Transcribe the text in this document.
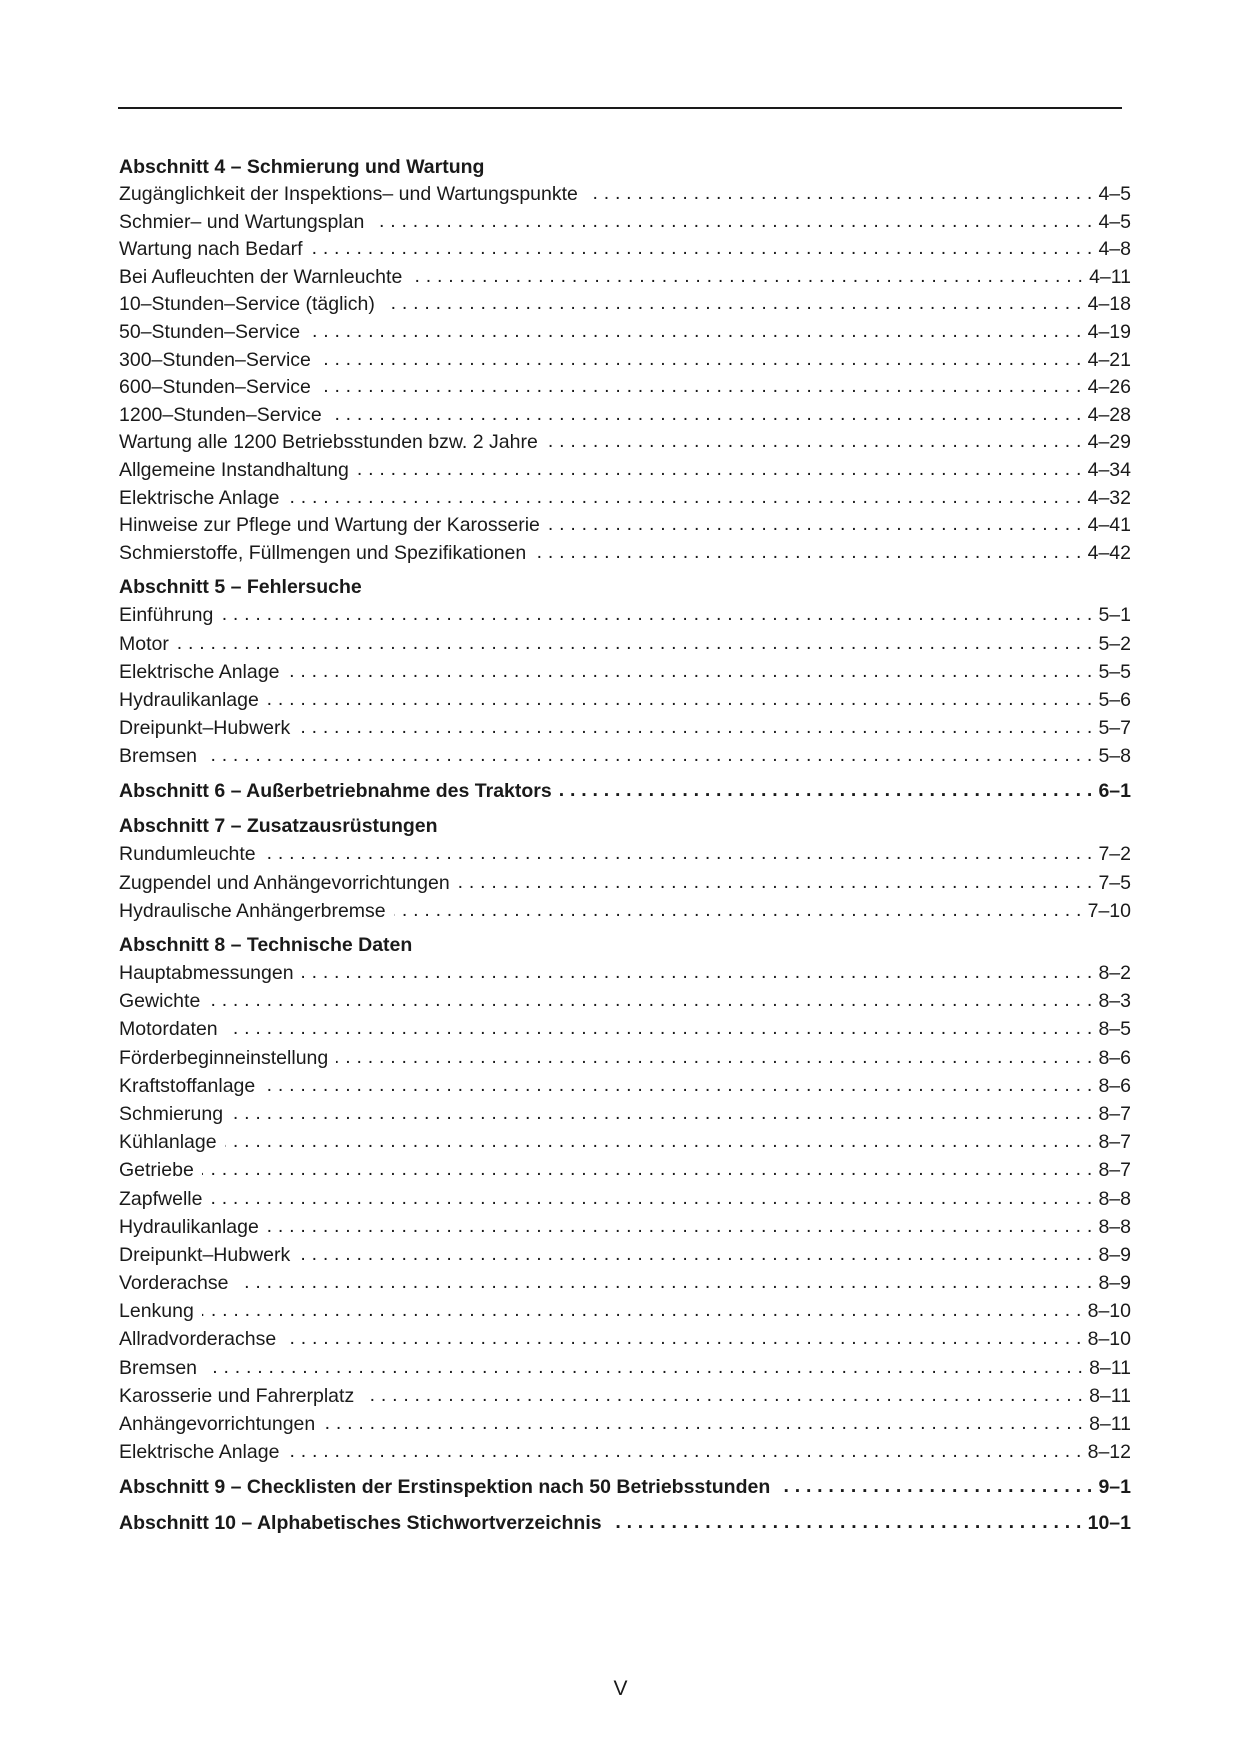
Abschnitt 4 – Schmierung und Wartung
Zugänglichkeit der Inspektions– und Wartungspunkte . . .	4–5
Schmier– und Wartungsplan . . .	4–5
Wartung nach Bedarf . . .	4–8
Bei Aufleuchten der Warnleuchte . . .	4–11
10–Stunden–Service (täglich) . . .	4–18
50–Stunden–Service . . .	4–19
300–Stunden–Service . . .	4–21
600–Stunden–Service . . .	4–26
1200–Stunden–Service . . .	4–28
Wartung alle 1200 Betriebsstunden bzw. 2 Jahre . . .	4–29
Allgemeine Instandhaltung . . .	4–34
Elektrische Anlage . . .	4–32
Hinweise zur Pflege und Wartung der Karosserie . . .	4–41
Schmierstoffe, Füllmengen und Spezifikationen . . .	4–42
Abschnitt 5 – Fehlersuche
Einführung . . .	5–1
Motor . . .	5–2
Elektrische Anlage . . .	5–5
Hydraulikanlage . . .	5–6
Dreipunkt–Hubwerk . . .	5–7
Bremsen . . .	5–8
Abschnitt 6 – Außerbetriebnahme des Traktors . . .	6–1
Abschnitt 7 – Zusatzausrüstungen
Rundumleuchte . . .	7–2
Zugpendel und Anhängevorrichtungen . . .	7–5
Hydraulische Anhängerbremse . . .	7–10
Abschnitt 8 – Technische Daten
Hauptabmessungen . . .	8–2
Gewichte . . .	8–3
Motordaten . . .	8–5
Förderbeginneinstellung . . .	8–6
Kraftstoffanlage . . .	8–6
Schmierung . . .	8–7
Kühlanlage . . .	8–7
Getriebe . . .	8–7
Zapfwelle . . .	8–8
Hydraulikanlage . . .	8–8
Dreipunkt–Hubwerk . . .	8–9
Vorderachse . . .	8–9
Lenkung . . .	8–10
Allradvorderachse . . .	8–10
Bremsen . . .	8–11
Karosserie und Fahrerplatz . . .	8–11
Anhängevorrichtungen . . .	8–11
Elektrische Anlage . . .	8–12
Abschnitt 9 – Checklisten der Erstinspektion nach 50 Betriebsstunden . . .	9–1
Abschnitt 10 – Alphabetisches Stichwortverzeichnis . . .	10–1
V
